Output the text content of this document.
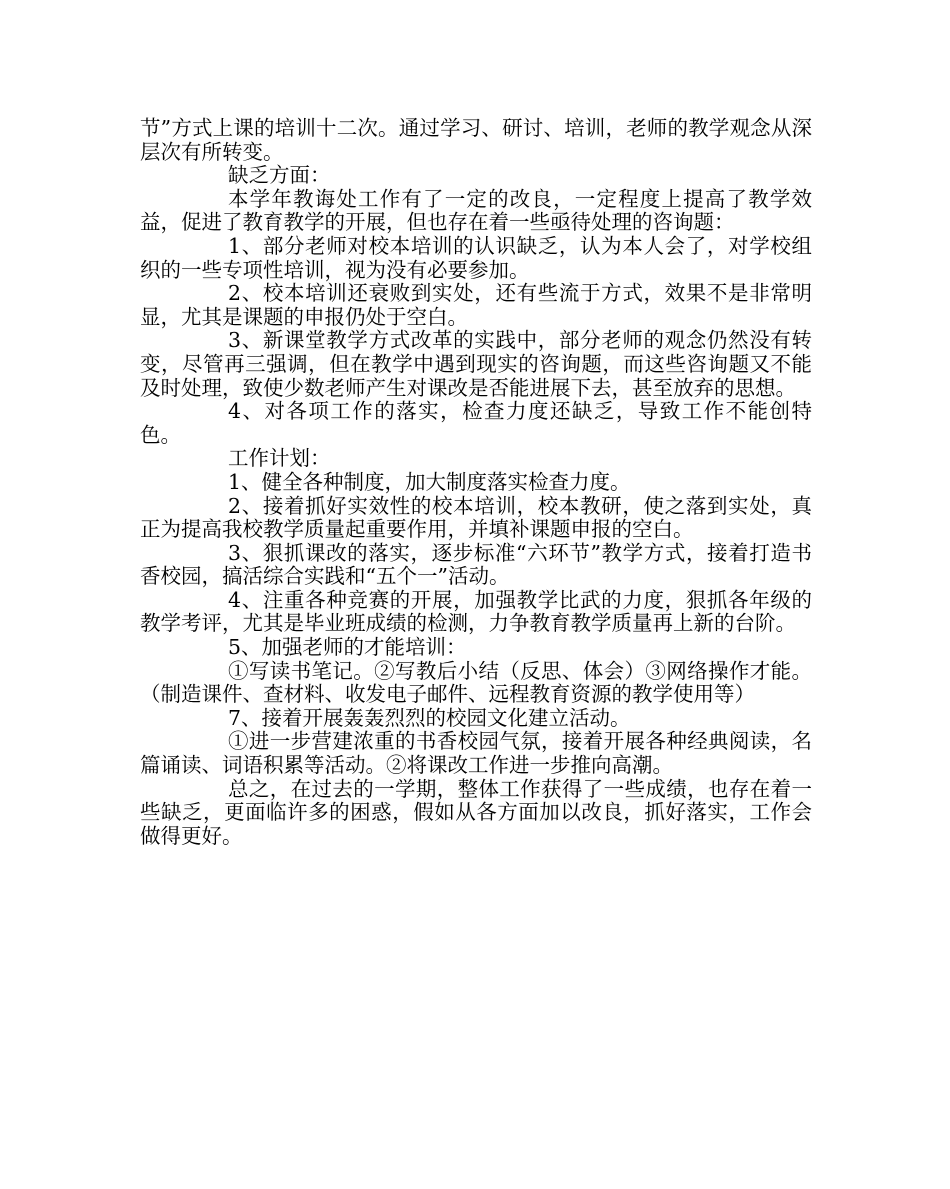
节”方式上课的培训十二次。通过学习、研讨、培训，老师的教学观念从深层次有所转变。

缺乏方面：

本学年教诲处工作有了一定的改良，一定程度上提高了教学效益，促进了教育教学的开展，但也存在着一些亟待处理的咨询题：

1、部分老师对校本培训的认识缺乏，认为本人会了，对学校组织的一些专项性培训，视为没有必要参加。

2、校本培训还衰败到实处，还有些流于方式，效果不是非常明显，尤其是课题的申报仍处于空白。

3、新课堂教学方式改革的实践中，部分老师的观念仍然没有转变，尽管再三强调，但在教学中遇到现实的咨询题，而这些咨询题又不能及时处理，致使少数老师产生对课改是否能进展下去，甚至放弃的思想。

4、对各项工作的落实，检查力度还缺乏，导致工作不能创特色。

工作计划：

1、健全各种制度，加大制度落实检查力度。

2、接着抓好实效性的校本培训，校本教研，使之落到实处，真正为提高我校教学质量起重要作用，并填补课题申报的空白。

3、狠抓课改的落实，逐步标准“六环节”教学方式，接着打造书香校园，搞活综合实践和“五个一”活动。

4、注重各种竞赛的开展，加强教学比武的力度，狠抓各年级的教学考评，尤其是毕业班成绩的检测，力争教育教学质量再上新的台阶。

5、加强老师的才能培训：

①写读书笔记。②写教后小结（反思、体会）③网络操作才能。（制造课件、查材料、收发电子邮件、远程教育资源的教学使用等）

7、接着开展轰轰烈烈的校园文化建立活动。

①进一步营建浓重的书香校园气氛，接着开展各种经典阅读，名篇诵读、词语积累等活动。②将课改工作进一步推向高潮。

总之，在过去的一学期，整体工作获得了一些成绩，也存在着一些缺乏，更面临许多的困惑，假如从各方面加以改良，抓好落实，工作会做得更好。
